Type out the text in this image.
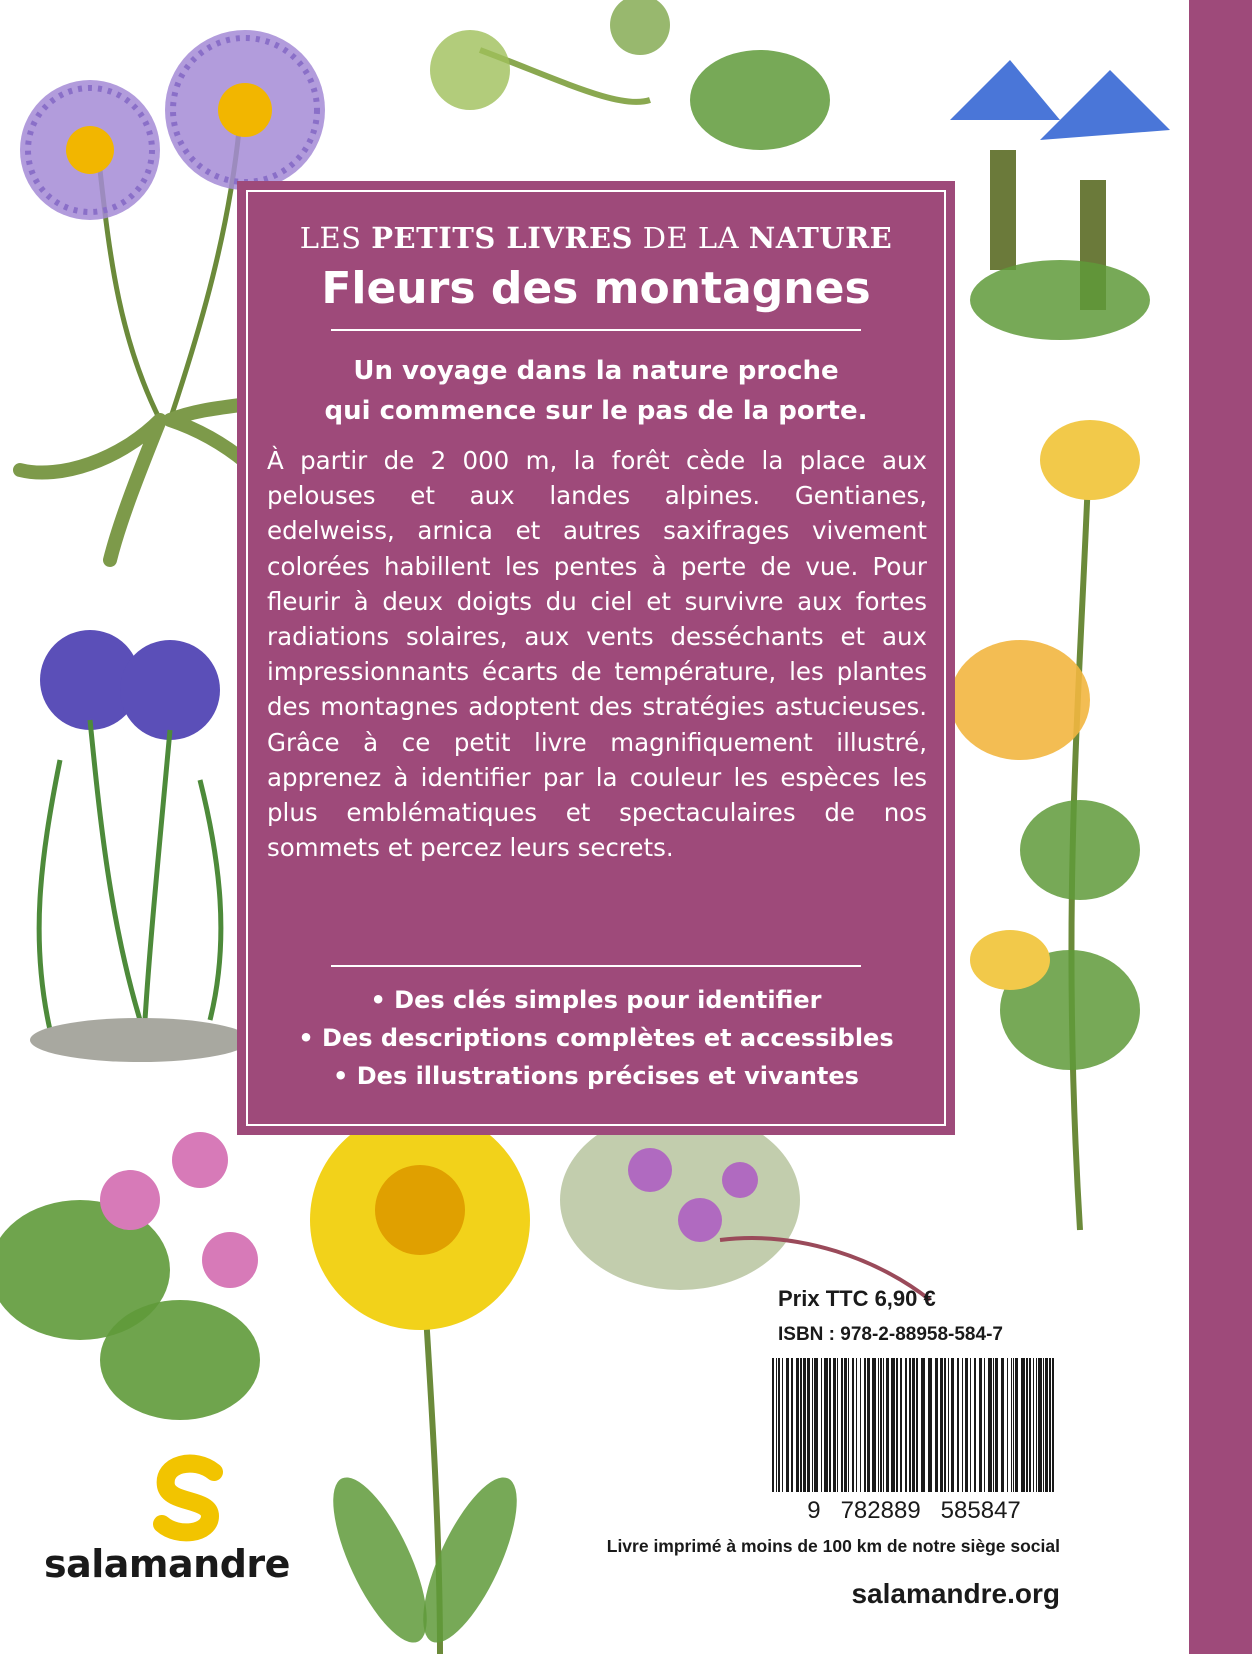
LES PETITS LIVRES DE LA NATURE
Fleurs des montagnes
Un voyage dans la nature proche
qui commence sur le pas de la porte.
À partir de 2 000 m, la forêt cède la place aux pelouses et aux landes alpines. Gentianes, edelweiss, arnica et autres saxifrages vivement colorées habillent les pentes à perte de vue. Pour fleurir à deux doigts du ciel et survivre aux fortes radiations solaires, aux vents desséchants et aux impressionnants écarts de température, les plantes des montagnes adoptent des stratégies astucieuses. Grâce à ce petit livre magnifiquement illustré, apprenez à identifier par la couleur les espèces les plus emblématiques et spectaculaires de nos sommets et percez leurs secrets.
• Des clés simples pour identifier
• Des descriptions complètes et accessibles
• Des illustrations précises et vivantes
Prix TTC 6,90 €
ISBN : 978-2-88958-584-7
9   782889   585847
Livre imprimé à moins de 100 km de notre siège social
salamandre.org
salamandre
